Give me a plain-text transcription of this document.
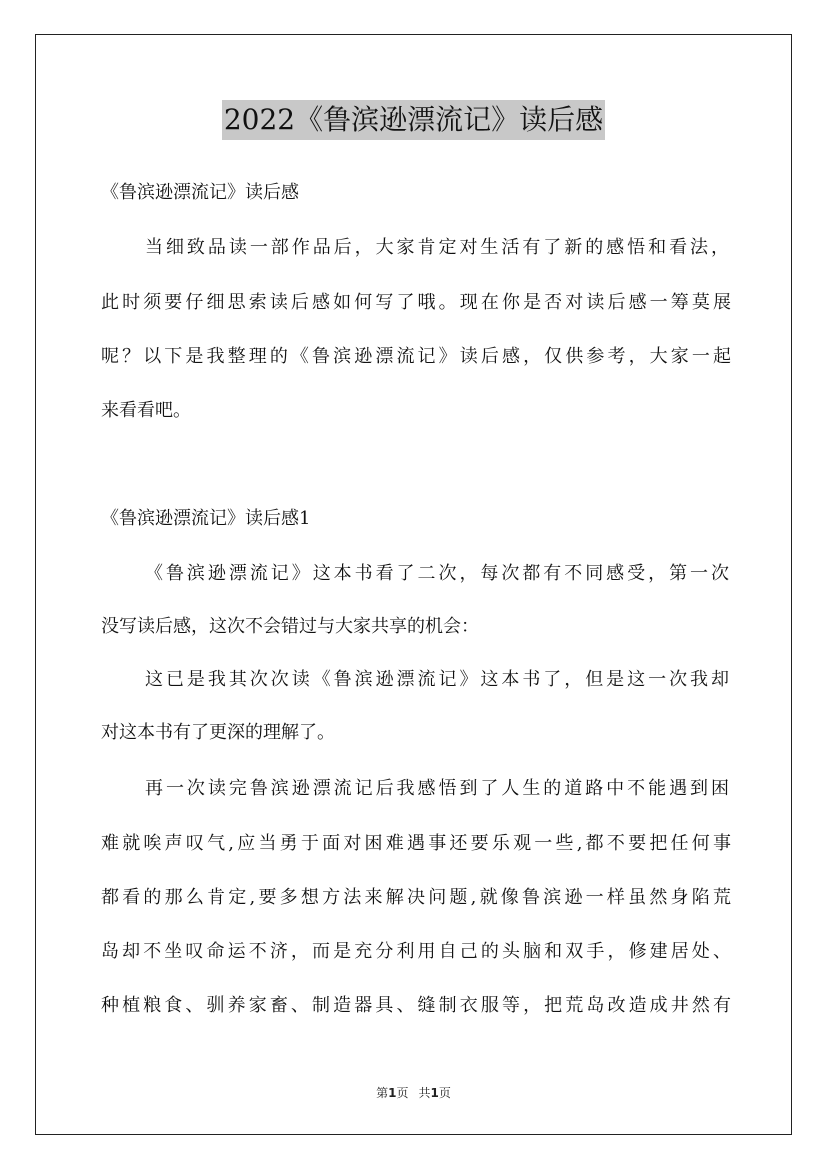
2022《鲁滨逊漂流记》读后感
《鲁滨逊漂流记》读后感
当细致品读一部作品后，大家肯定对生活有了新的感悟和看法，
此时须要仔细思索读后感如何写了哦。现在你是否对读后感一筹莫展
呢？以下是我整理的《鲁滨逊漂流记》读后感，仅供参考，大家一起
来看看吧。
《鲁滨逊漂流记》读后感1
《鲁滨逊漂流记》这本书看了二次，每次都有不同感受，第一次
没写读后感，这次不会错过与大家共享的机会：
这已是我其次次读《鲁滨逊漂流记》这本书了，但是这一次我却
对这本书有了更深的理解了。
再一次读完鲁滨逊漂流记后我感悟到了人生的道路中不能遇到困
难就唉声叹气,应当勇于面对困难遇事还要乐观一些,都不要把任何事
都看的那么肯定,要多想方法来解决问题,就像鲁滨逊一样虽然身陷荒
岛却不坐叹命运不济，而是充分利用自己的头脑和双手，修建居处、
种植粮食、驯养家畜、制造器具、缝制衣服等，把荒岛改造成井然有
第1页 共1页
